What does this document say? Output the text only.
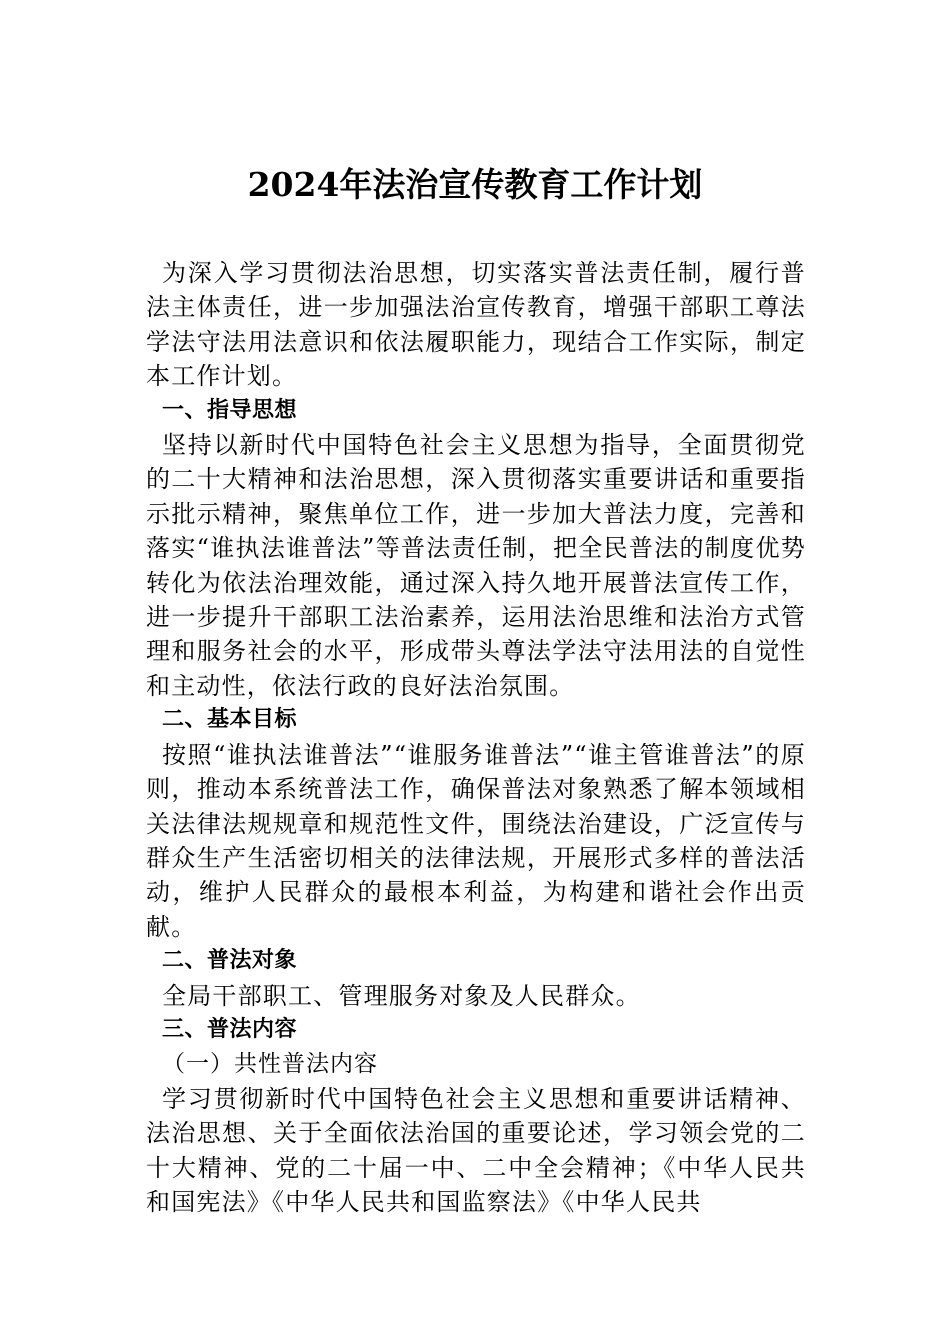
2024年法治宣传教育工作计划

为深入学习贯彻法治思想，切实落实普法责任制，履行普法主体责任，进一步加强法治宣传教育，增强干部职工尊法学法守法用法意识和依法履职能力，现结合工作实际，制定本工作计划。

一、指导思想

坚持以新时代中国特色社会主义思想为指导，全面贯彻党的二十大精神和法治思想，深入贯彻落实重要讲话和重要指示批示精神，聚焦单位工作，进一步加大普法力度，完善和落实“谁执法谁普法”等普法责任制，把全民普法的制度优势转化为依法治理效能，通过深入持久地开展普法宣传工作，进一步提升干部职工法治素养，运用法治思维和法治方式管理和服务社会的水平，形成带头尊法学法守法用法的自觉性和主动性，依法行政的良好法治氛围。

二、基本目标

按照“谁执法谁普法”“谁服务谁普法”“谁主管谁普法”的原则，推动本系统普法工作，确保普法对象熟悉了解本领域相关法律法规规章和规范性文件，围绕法治建设，广泛宣传与群众生产生活密切相关的法律法规，开展形式多样的普法活动，维护人民群众的最根本利益，为构建和谐社会作出贡献。

二、普法对象

全局干部职工、管理服务对象及人民群众。

三、普法内容

（一）共性普法内容

学习贯彻新时代中国特色社会主义思想和重要讲话精神、法治思想、关于全面依法治国的重要论述，学习领会党的二十大精神、党的二十届一中、二中全会精神；《中华人民共和国宪法》《中华人民共和国监察法》《中华人民共
